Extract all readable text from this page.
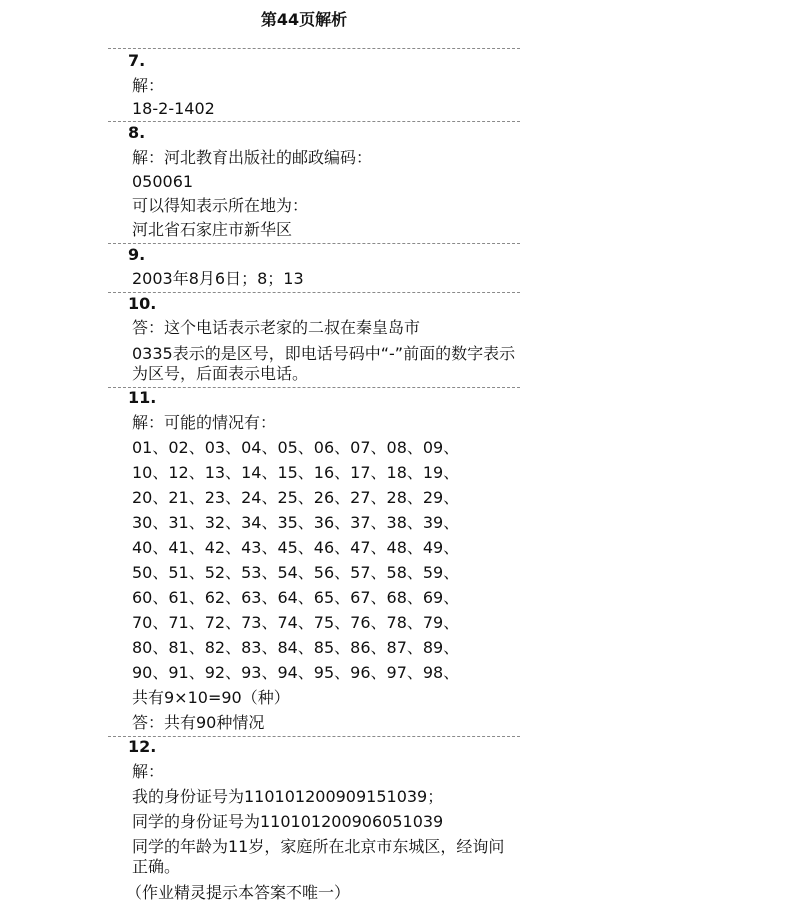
第44页解析
7.
解：
18-2-1402
8.
解：河北教育出版社的邮政编码：
050061
可以得知表示所在地为：
河北省石家庄市新华区
9.
2003年8月6日；8；13
10.
答：这个电话表示老家的二叔在秦皇岛市
0335表示的是区号，即电话号码中“-”前面的数字表示为区号，后面表示电话。
11.
解：可能的情况有：
01、02、03、04、05、06、07、08、09、
10、12、13、14、15、16、17、18、19、
20、21、23、24、25、26、27、28、29、
30、31、32、34、35、36、37、38、39、
40、41、42、43、45、46、47、48、49、
50、51、52、53、54、56、57、58、59、
60、61、62、63、64、65、67、68、69、
70、71、72、73、74、75、76、78、79、
80、81、82、83、84、85、86、87、89、
90、91、92、93、94、95、96、97、98、
共有9×10=90（种）
答：共有90种情况
12.
解：
我的身份证号为110101200909151039；
同学的身份证号为110101200906051039
同学的年龄为11岁，家庭所在北京市东城区，经询问正确。
（作业精灵提示本答案不唯一）
